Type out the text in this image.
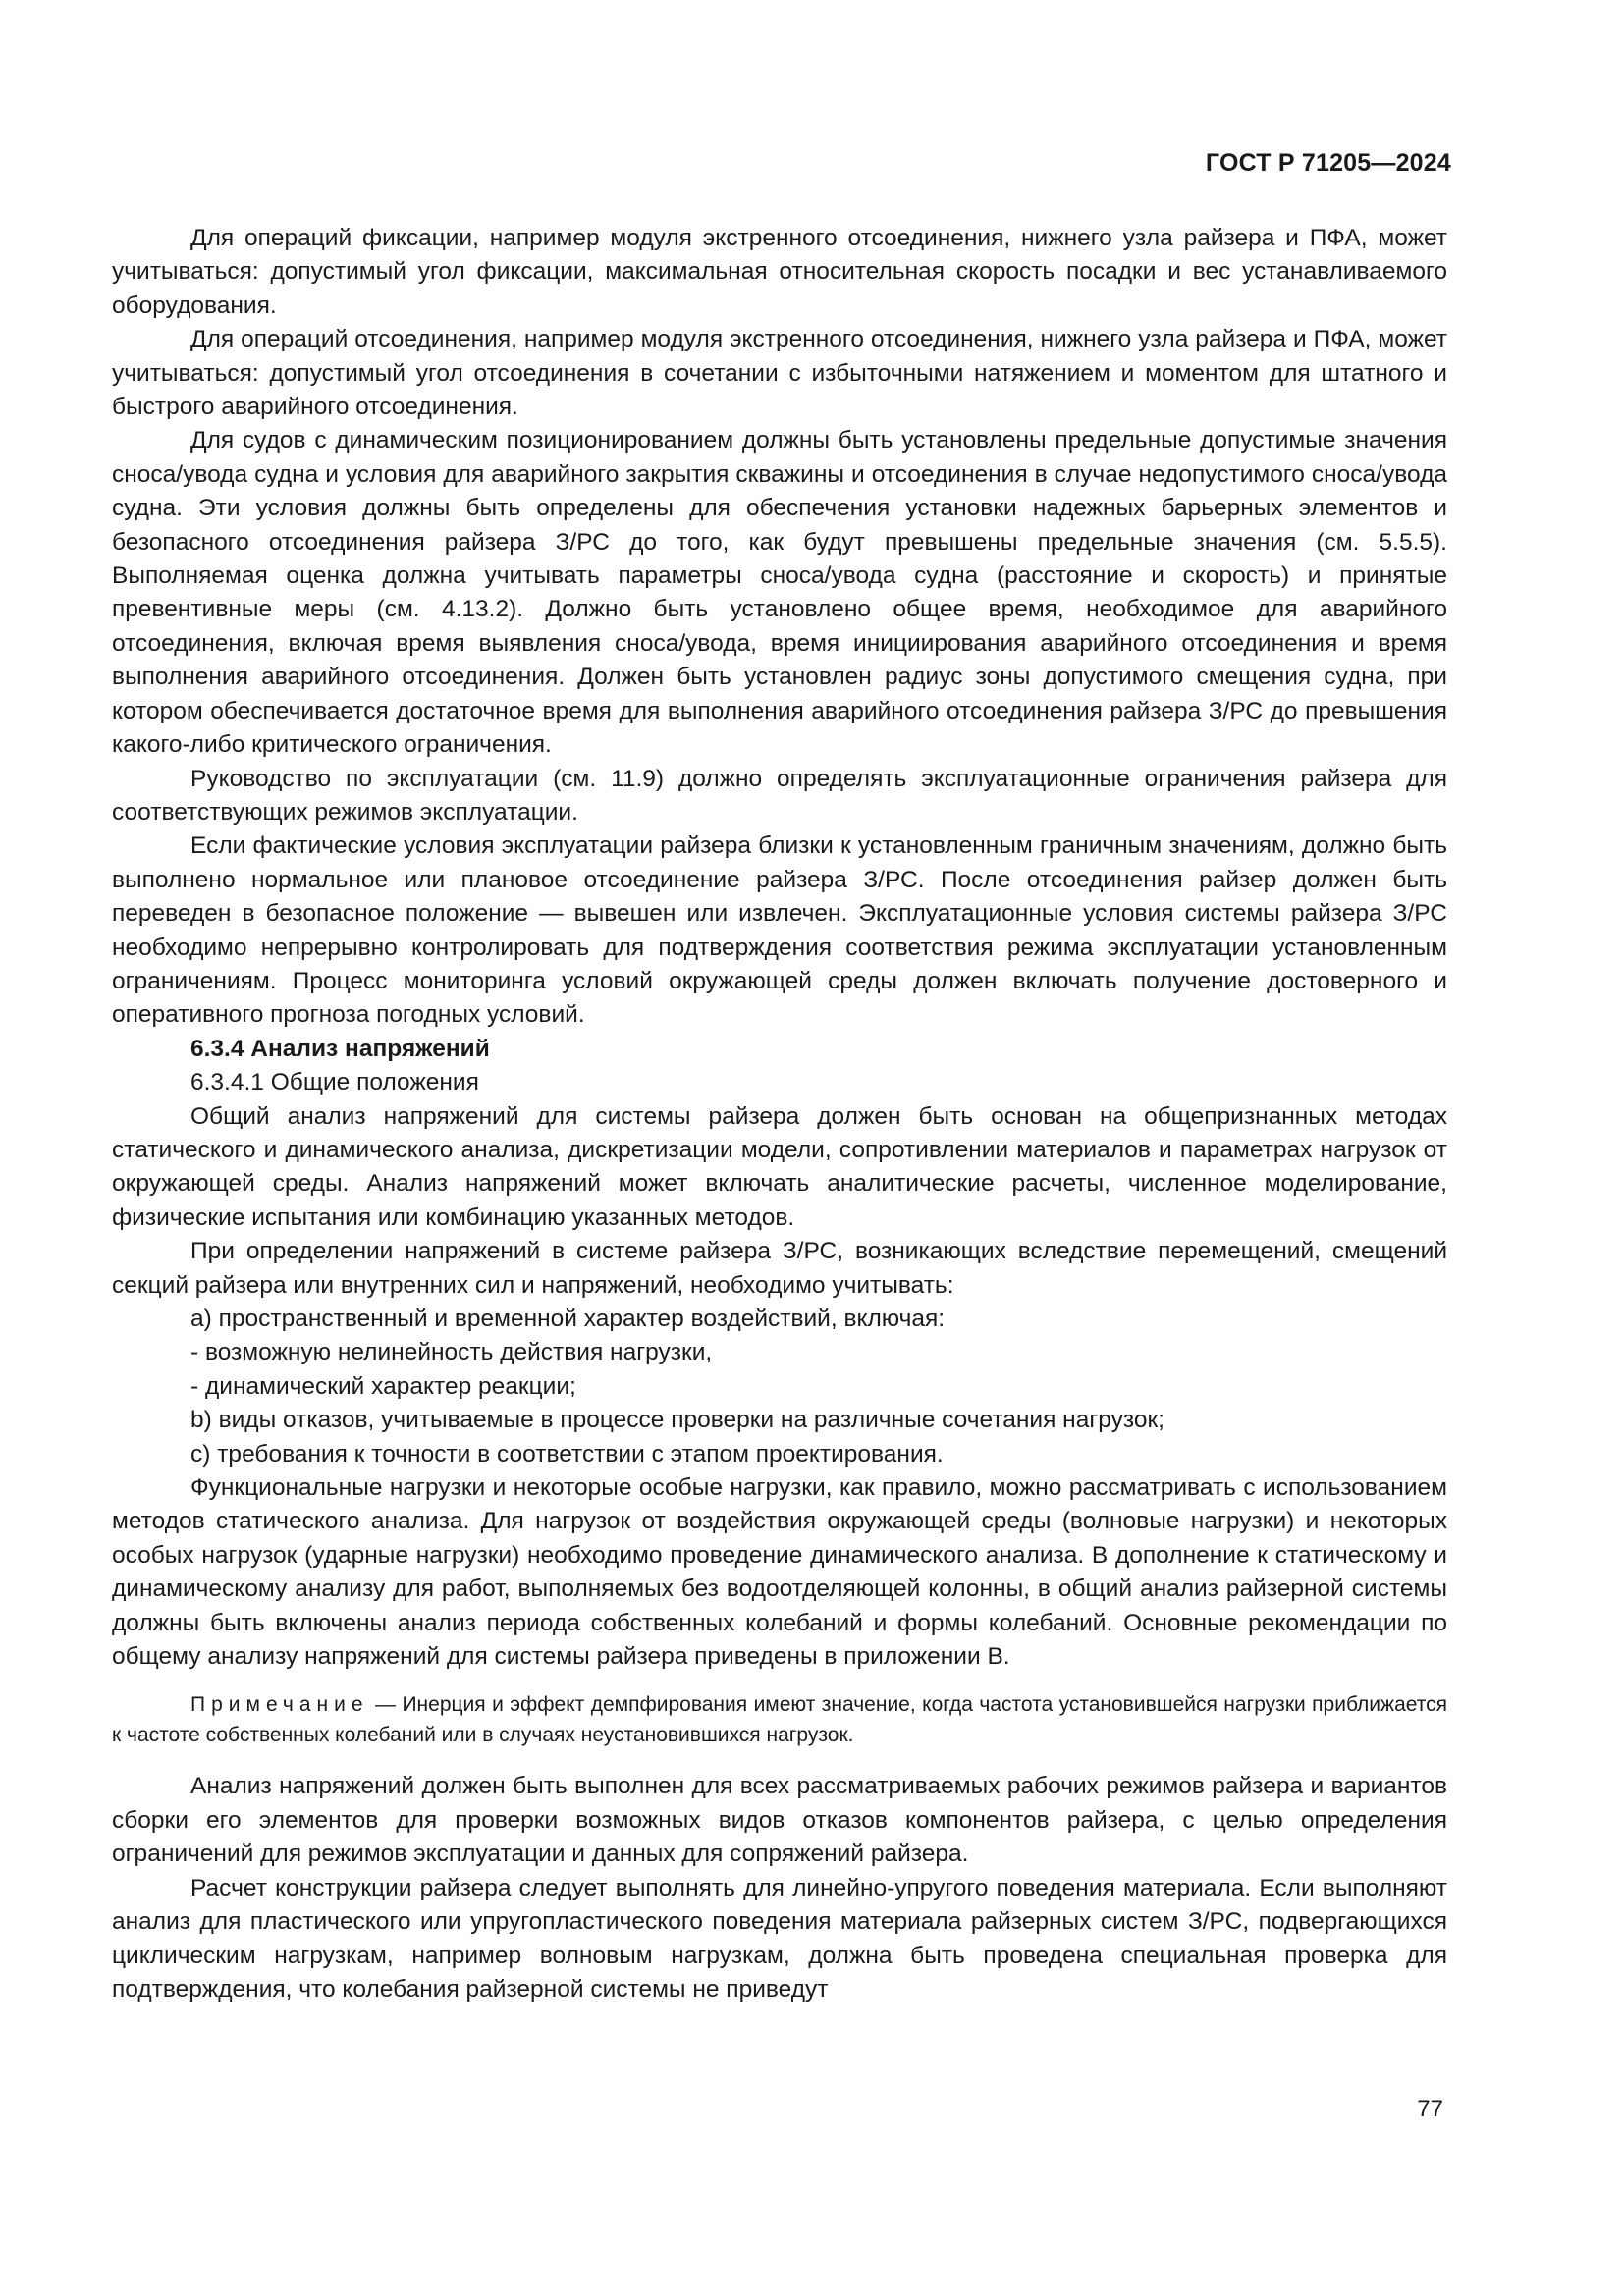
ГОСТ Р 71205—2024

Для операций фиксации, например модуля экстренного отсоединения, нижнего узла райзера и ПФА, может учитываться: допустимый угол фиксации, максимальная относительная скорость посадки и вес устанавливаемого оборудования.

Для операций отсоединения, например модуля экстренного отсоединения, нижнего узла райзера и ПФА, может учитываться: допустимый угол отсоединения в сочетании с избыточными натяжением и моментом для штатного и быстрого аварийного отсоединения.

Для судов с динамическим позиционированием должны быть установлены предельные допустимые значения сноса/увода судна и условия для аварийного закрытия скважины и отсоединения в случае недопустимого сноса/увода судна. Эти условия должны быть определены для обеспечения установки надежных барьерных элементов и безопасного отсоединения райзера З/РС до того, как будут превышены предельные значения (см. 5.5.5). Выполняемая оценка должна учитывать параметры сноса/увода судна (расстояние и скорость) и принятые превентивные меры (см. 4.13.2). Должно быть установлено общее время, необходимое для аварийного отсоединения, включая время выявления сноса/​увода, время инициирования аварийного отсоединения и время выполнения аварийного отсоединения. Должен быть установлен радиус зоны допустимого смещения судна, при котором обеспечивается достаточное время для выполнения аварийного отсоединения райзера З/РС до превышения какого-либо критического ограничения.

Руководство по эксплуатации (см. 11.9) должно определять эксплуатационные ограничения райзера для соответствующих режимов эксплуатации.

Если фактические условия эксплуатации райзера близки к установленным граничным значениям, должно быть выполнено нормальное или плановое отсоединение райзера З/РС. После отсоединения райзер должен быть переведен в безопасное положение — вывешен или извлечен. Эксплуатационные условия системы райзера З/РС необходимо непрерывно контролировать для подтверждения соответствия режима эксплуатации установленным ограничениям. Процесс мониторинга условий окружающей среды должен включать получение достоверного и оперативного прогноза погодных условий.

6.3.4 Анализ напряжений

6.3.4.1 Общие положения

Общий анализ напряжений для системы райзера должен быть основан на общепризнанных методах статического и динамического анализа, дискретизации модели, сопротивлении материалов и параметрах нагрузок от окружающей среды. Анализ напряжений может включать аналитические расчеты, численное моделирование, физические испытания или комбинацию указанных методов.

При определении напряжений в системе райзера З/РС, возникающих вследствие перемещений, смещений секций райзера или внутренних сил и напряжений, необходимо учитывать:

a) пространственный и временной характер воздействий, включая:

- возможную нелинейность действия нагрузки,

- динамический характер реакции;

b) виды отказов, учитываемые в процессе проверки на различные сочетания нагрузок;

c) требования к точности в соответствии с этапом проектирования.

Функциональные нагрузки и некоторые особые нагрузки, как правило, можно рассматривать с использованием методов статического анализа. Для нагрузок от воздействия окружающей среды (волновые нагрузки) и некоторых особых нагрузок (ударные нагрузки) необходимо проведение динамического анализа. В дополнение к статическому и динамическому анализу для работ, выполняемых без водоотделяющей колонны, в общий анализ райзерной системы должны быть включены анализ периода собственных колебаний и формы колебаний. Основные рекомендации по общему анализу напряжений для системы райзера приведены в приложении В.

Примечание — Инерция и эффект демпфирования имеют значение, когда частота установившейся нагрузки приближается к частоте собственных колебаний или в случаях неустановившихся нагрузок.

Анализ напряжений должен быть выполнен для всех рассматриваемых рабочих режимов райзера и вариантов сборки его элементов для проверки возможных видов отказов компонентов райзера, с целью определения ограничений для режимов эксплуатации и данных для сопряжений райзера.

Расчет конструкции райзера следует выполнять для линейно-упругого поведения материала. Если выполняют анализ для пластического или упругопластического поведения материала райзерных систем З/РС, подвергающихся циклическим нагрузкам, например волновым нагрузкам, должна быть проведена специальная проверка для подтверждения, что колебания райзерной системы не приведут

77
